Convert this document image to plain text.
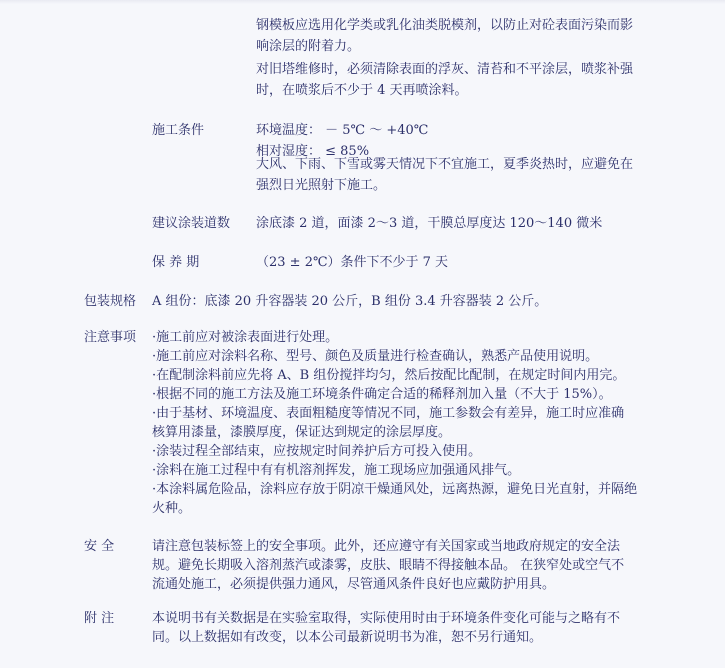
钢模板应选用化学类或乳化油类脱模剂，以防止对砼表面污染而影
响涂层的附着力。
对旧塔维修时，必须清除表面的浮灰、清苔和不平涂层，喷浆补强
时，在喷浆后不少于 4 天再喷涂料。
施工条件	环境温度： － 5℃ ～ +40℃
相对湿度： ≤ 85%
大风、下雨、下雪或雾天情况下不宜施工，夏季炎热时，应避免在
强烈日光照射下施工。
建议涂装道数 涂底漆 2 道，面漆 2～3 道，干膜总厚度达 120～140 微米
保 养 期	（23 ± 2℃）条件下不少于 7 天
包装规格 A 组份：底漆 20 升容器装 20 公斤，B 组份 3.4 升容器装 2 公斤。
注意事项 ·施工前应对被涂表面进行处理。
·施工前应对涂料名称、型号、颜色及质量进行检查确认，熟悉产品使用说明。
·在配制涂料前应先将 A、B 组份搅拌均匀，然后按配比配制，在规定时间内用完。
·根据不同的施工方法及施工环境条件确定合适的稀释剂加入量（不大于 15%）。
·由于基材、环境温度、表面粗糙度等情况不同，施工参数会有差异，施工时应准确
核算用漆量，漆膜厚度，保证达到规定的涂层厚度。
·涂装过程全部结束，应按规定时间养护后方可投入使用。
·涂料在施工过程中有有机溶剂挥发，施工现场应加强通风排气。
·本涂料属危险品，涂料应存放于阴凉干燥通风处，远离热源，避免日光直射，并隔绝
火种。
安 全	请注意包装标签上的安全事项。此外，还应遵守有关国家或当地政府规定的安全法
规。避免长期吸入溶剂蒸汽或漆雾，皮肤、眼睛不得接触本品。 在狭窄处或空气不
流通处施工，必须提供强力通风，尽管通风条件良好也应戴防护用具。
附 注	本说明书有关数据是在实验室取得，实际使用时由于环境条件变化可能与之略有不
同。以上数据如有改变，以本公司最新说明书为准，恕不另行通知。
